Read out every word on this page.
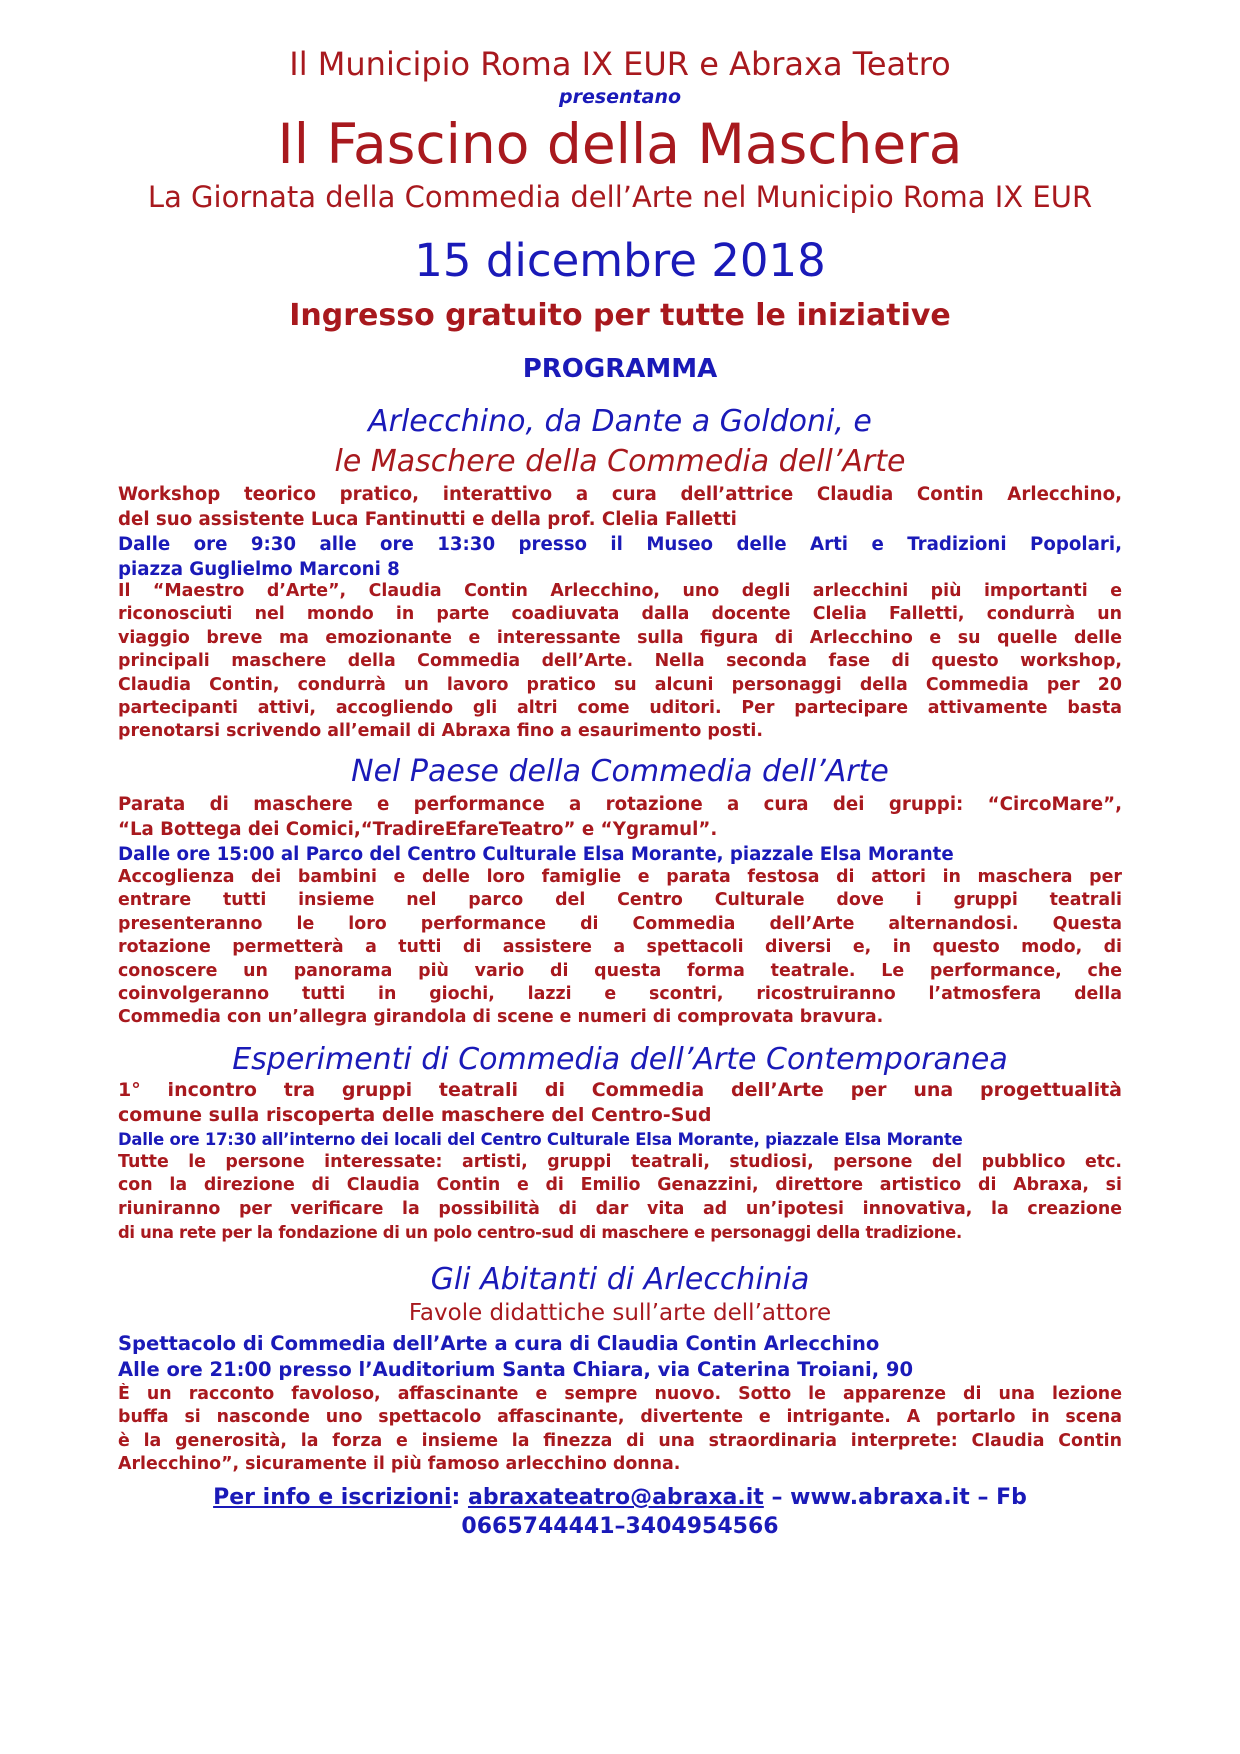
Il Municipio Roma IX EUR e Abraxa Teatro
presentano
Il Fascino della Maschera
La Giornata della Commedia dell’Arte nel Municipio Roma IX EUR
15 dicembre 2018
Ingresso gratuito per tutte le iniziative
PROGRAMMA
Arlecchino, da Dante a Goldoni, e
le Maschere della Commedia dell’Arte
Workshop teorico pratico, interattivo a cura dell’attrice Claudia Contin Arlecchino,
del suo assistente Luca Fantinutti e della prof. Clelia Falletti
Dalle ore 9:30 alle ore 13:30 presso il Museo delle Arti e Tradizioni Popolari,
piazza Guglielmo Marconi 8
Il “Maestro d’Arte”, Claudia Contin Arlecchino, uno degli arlecchini più importanti e
riconosciuti nel mondo in parte coadiuvata dalla docente Clelia Falletti, condurrà un
viaggio breve ma emozionante e interessante sulla figura di Arlecchino e su quelle delle
principali maschere della Commedia dell’Arte. Nella seconda fase di questo workshop,
Claudia Contin, condurrà un lavoro pratico su alcuni personaggi della Commedia per 20
partecipanti attivi, accogliendo gli altri come uditori. Per partecipare attivamente basta
prenotarsi scrivendo all’email di Abraxa fino a esaurimento posti.
Nel Paese della Commedia dell’Arte
Parata di maschere e performance a rotazione a cura dei gruppi: “CircoMare”,
“La Bottega dei Comici,“TradireEfareTeatro” e “Ygramul”.
Dalle ore 15:00 al Parco del Centro Culturale Elsa Morante, piazzale Elsa Morante
Accoglienza dei bambini e delle loro famiglie e parata festosa di attori in maschera per
entrare tutti insieme nel parco del Centro Culturale dove i gruppi teatrali
presenteranno le loro performance di Commedia dell’Arte alternandosi. Questa
rotazione permetterà a tutti di assistere a spettacoli diversi e, in questo modo, di
conoscere un panorama più vario di questa forma teatrale. Le performance, che
coinvolgeranno tutti in giochi, lazzi e scontri, ricostruiranno l’atmosfera della
Commedia con un’allegra girandola di scene e numeri di comprovata bravura.
Esperimenti di Commedia dell’Arte Contemporanea
1° incontro tra gruppi teatrali di Commedia dell’Arte per una progettualità
comune sulla riscoperta delle maschere del Centro-Sud
Dalle ore 17:30 all’interno dei locali del Centro Culturale Elsa Morante, piazzale Elsa Morante
Tutte le persone interessate: artisti, gruppi teatrali, studiosi, persone del pubblico etc.
con la direzione di Claudia Contin e di Emilio Genazzini, direttore artistico di Abraxa, si
riuniranno per verificare la possibilità di dar vita ad un’ipotesi innovativa, la creazione
di una rete per la fondazione di un polo centro-sud di maschere e personaggi della tradizione.
Gli Abitanti di Arlecchinia
Favole didattiche sull’arte dell’attore
Spettacolo di Commedia dell’Arte a cura di Claudia Contin Arlecchino
Alle ore 21:00 presso l’Auditorium Santa Chiara, via Caterina Troiani, 90
È un racconto favoloso, affascinante e sempre nuovo. Sotto le apparenze di una lezione
buffa si nasconde uno spettacolo affascinante, divertente e intrigante. A portarlo in scena
è la generosità, la forza e insieme la finezza di una straordinaria interprete: Claudia Contin
Arlecchino”, sicuramente il più famoso arlecchino donna.
Per info e iscrizioni: abraxateatro@abraxa.it – www.abraxa.it – Fb
0665744441–3404954566
